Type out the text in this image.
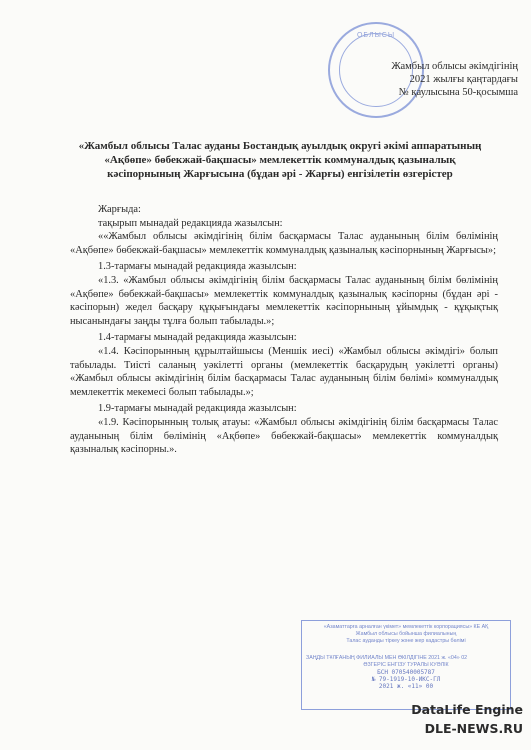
ОБЛЫСЫ
Жамбыл облысы әкімдігінің
2021 жылғы қаңтардағы
№ қаулысына 50-қосымша
«Жамбыл облысы Талас ауданы Бостандық ауылдық округі әкімі аппаратының «Ақбөпе» бөбекжай-бақшасы» мемлекеттік коммуналдық қазыналық кәсіпорнының Жарғысына (бұдан әрі - Жарғы) енгізілетін өзгерістер

Жарғыда:

тақырып мынадай редакцияда жазылсын:

««Жамбыл облысы әкімдігінің білім басқармасы Талас ауданының білім бөлімінің «Ақбөпе» бөбекжай-бақшасы» мемлекеттік коммуналдық қазыналық кәсіпорнының Жарғысы»;

1.3-тармағы мынадай редакцияда жазылсын:

«1.3. «Жамбыл облысы әкімдігінің білім басқармасы Талас ауданының білім бөлімінің «Ақбөпе» бөбекжай-бақшасы» мемлекеттік коммуналдық қазыналық кәсіпорны (бұдан әрі - кәсіпорын) жедел басқару құқығындағы мемлекеттік кәсіпорнының ұйымдық - құқықтық нысанындағы заңды тұлға болып табылады.»;

1.4-тармағы мынадай редакцияда жазылсын:

«1.4. Кәсіпорынның құрылтайшысы (Меншік иесі) «Жамбыл облысы әкімдігі» болып табылады. Тиісті саланың уәкілетті органы (мемлекеттік басқарудың уәкілетті органы) «Жамбыл облысы әкімдігінің білім басқармасы Талас ауданының білім бөлімі» коммуналдық мемлекеттік мекемесі болып табылады.»;

1.9-тармағы мынадай редакцияда жазылсын:

«1.9. Кәсіпорынның толық атауы: «Жамбыл облысы әкімдігінің білім басқармасы Талас ауданының білім бөлімінің «Ақбөпе» бөбекжай-бақшасы» мемлекеттік коммуналдық қазыналық кәсіпорны.».

«Азаматтарға арналған үкімет» мемлекеттік корпорациясы» КЕ АҚ
Жамбыл облысы бойынша филиалының
Талас ауданды тіркеу және жер кадастры бөлімі
ЗАҢДЫ ТҰЛҒАНЫҢ ФИЛИАЛЫ МЕН ӨКІЛДІГІНЕ 2021 ж. «04» 02
ӨЗГЕРІС ЕНГІЗУ ТУРАЛЫ КУӘЛІК
БСН 070540005787
№ 79-1919-10-ИКС-ГЛ
2021 ж. «11» 00
DataLife Engine
DLE-NEWS.RU
